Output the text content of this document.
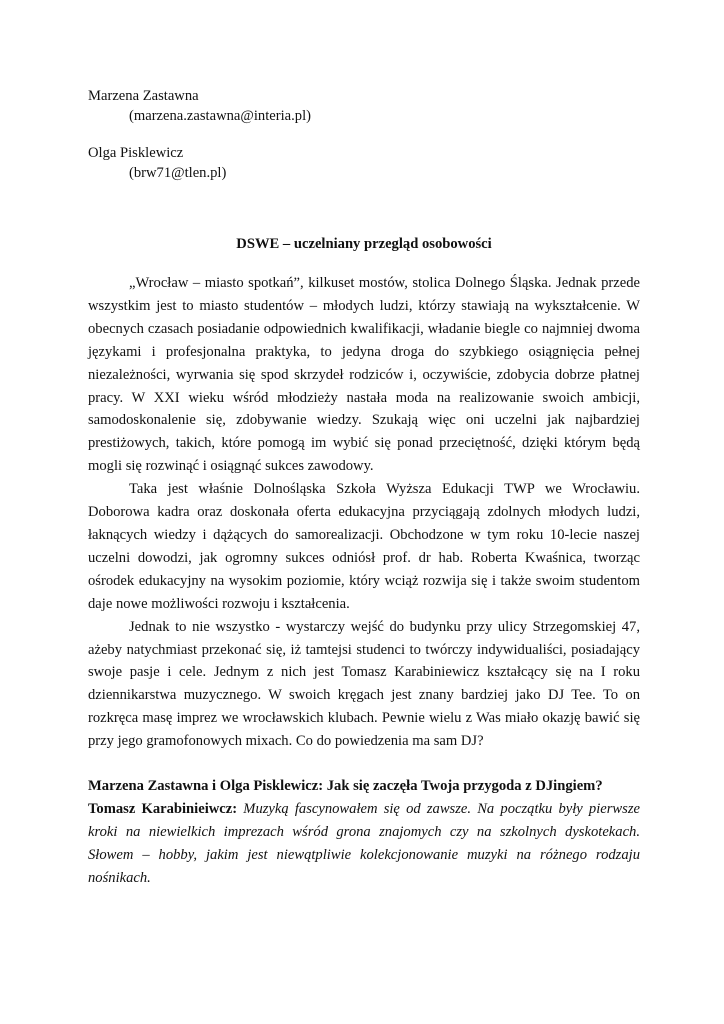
Marzena Zastawna

(marzena.zastawna@interia.pl)

Olga Pisklewicz

(brw71@tlen.pl)

DSWE – uczelniany przegląd osobowości

„Wrocław – miasto spotkań”, kilkuset mostów, stolica Dolnego Śląska. Jednak przede wszystkim jest to miasto studentów – młodych ludzi, którzy stawiają na wykształcenie. W obecnych czasach posiadanie odpowiednich kwalifikacji, władanie biegle co najmniej dwoma językami i profesjonalna praktyka, to jedyna droga do szybkiego osiągnięcia pełnej niezależności, wyrwania się spod skrzydeł rodziców i, oczywiście, zdobycia dobrze płatnej pracy. W XXI wieku wśród młodzieży nastała moda na realizowanie swoich ambicji, samodoskonalenie się, zdobywanie wiedzy. Szukają więc oni uczelni jak najbardziej prestiżowych, takich, które pomogą im wybić się ponad przeciętność, dzięki którym będą mogli się rozwinąć i osiągnąć sukces zawodowy.

Taka jest właśnie Dolnośląska Szkoła Wyższa Edukacji TWP we Wrocławiu. Doborowa kadra oraz doskonała oferta edukacyjna przyciągają zdolnych młodych ludzi, łaknących wiedzy i dążących do samorealizacji. Obchodzone w tym roku 10-lecie naszej uczelni dowodzi, jak ogromny sukces odniósł prof. dr hab. Roberta Kwaśnica, tworząc ośrodek edukacyjny na wysokim poziomie, który wciąż rozwija się i także swoim studentom daje nowe możliwości rozwoju i kształcenia.

Jednak to nie wszystko - wystarczy wejść do budynku przy ulicy Strzegomskiej 47, ażeby natychmiast przekonać się, iż tamtejsi studenci to twórczy indywidualiści, posiadający swoje pasje i cele. Jednym z nich jest Tomasz Karabiniewicz kształcący się na I roku dziennikarstwa muzycznego. W swoich kręgach jest znany bardziej jako DJ Tee. To on rozkręca masę imprez we wrocławskich klubach. Pewnie wielu z Was miało okazję bawić się przy jego gramofonowych mixach. Co do powiedzenia ma sam DJ?

Marzena Zastawna i Olga Pisklewicz: Jak się zaczęła Twoja przygoda z DJingiem?

Tomasz Karabinieiwcz: Muzyką fascynowałem się od zawsze. Na początku były pierwsze kroki na niewielkich imprezach wśród grona znajomych czy na szkolnych dyskotekach. Słowem – hobby, jakim jest niewątpliwie kolekcjonowanie muzyki na różnego rodzaju nośnikach.
